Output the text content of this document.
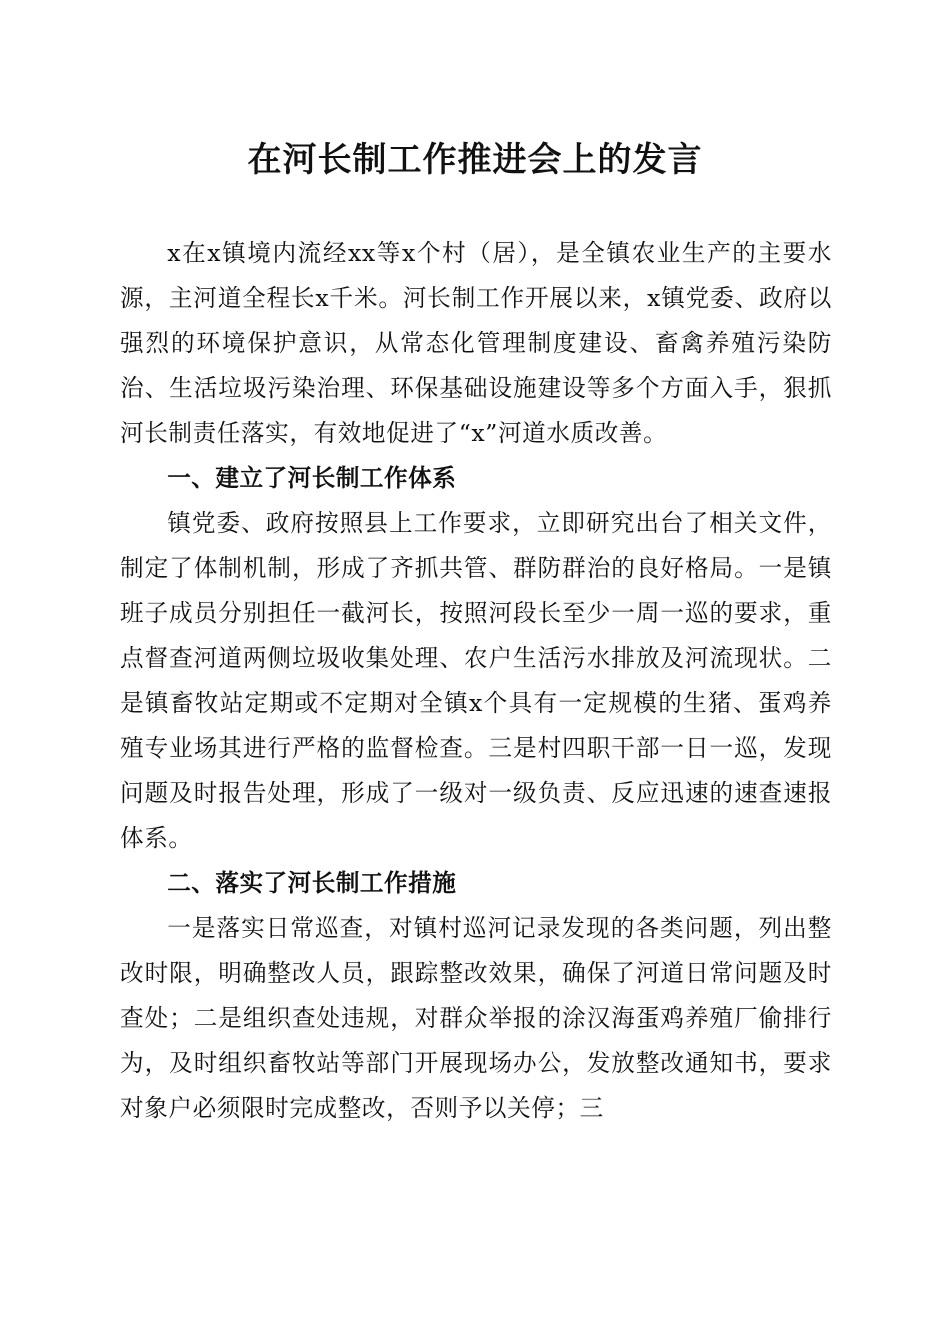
在河长制工作推进会上的发言

x在x镇境内流经xx等x个村（居），是全镇农业生产的主要水源，主河道全程长x千米。河长制工作开展以来，x镇党委、政府以强烈的环境保护意识，从常态化管理制度建设、畜禽养殖污染防治、生活垃圾污染治理、环保基础设施建设等多个方面入手，狠抓河长制责任落实，有效地促进了“x”河道水质改善。

一、建立了河长制工作体系

镇党委、政府按照县上工作要求，立即研究出台了相关文件，制定了体制机制，形成了齐抓共管、群防群治的良好格局。一是镇班子成员分别担任一截河长，按照河段长至少一周一巡的要求，重点督查河道两侧垃圾收集处理、农户生活污水排放及河流现状。二是镇畜牧站定期或不定期对全镇x个具有一定规模的生猪、蛋鸡养殖专业场其进行严格的监督检查。三是村四职干部一日一巡，发现问题及时报告处理，形成了一级对一级负责、反应迅速的速查速报体系。

二、落实了河长制工作措施

一是落实日常巡查，对镇村巡河记录发现的各类问题，列出整改时限，明确整改人员，跟踪整改效果，确保了河道日常问题及时查处；二是组织查处违规，对群众举报的涂汉海蛋鸡养殖厂偷排行为，及时组织畜牧站等部门开展现场办公，发放整改通知书，要求对象户必须限时完成整改，否则予以关停；三
